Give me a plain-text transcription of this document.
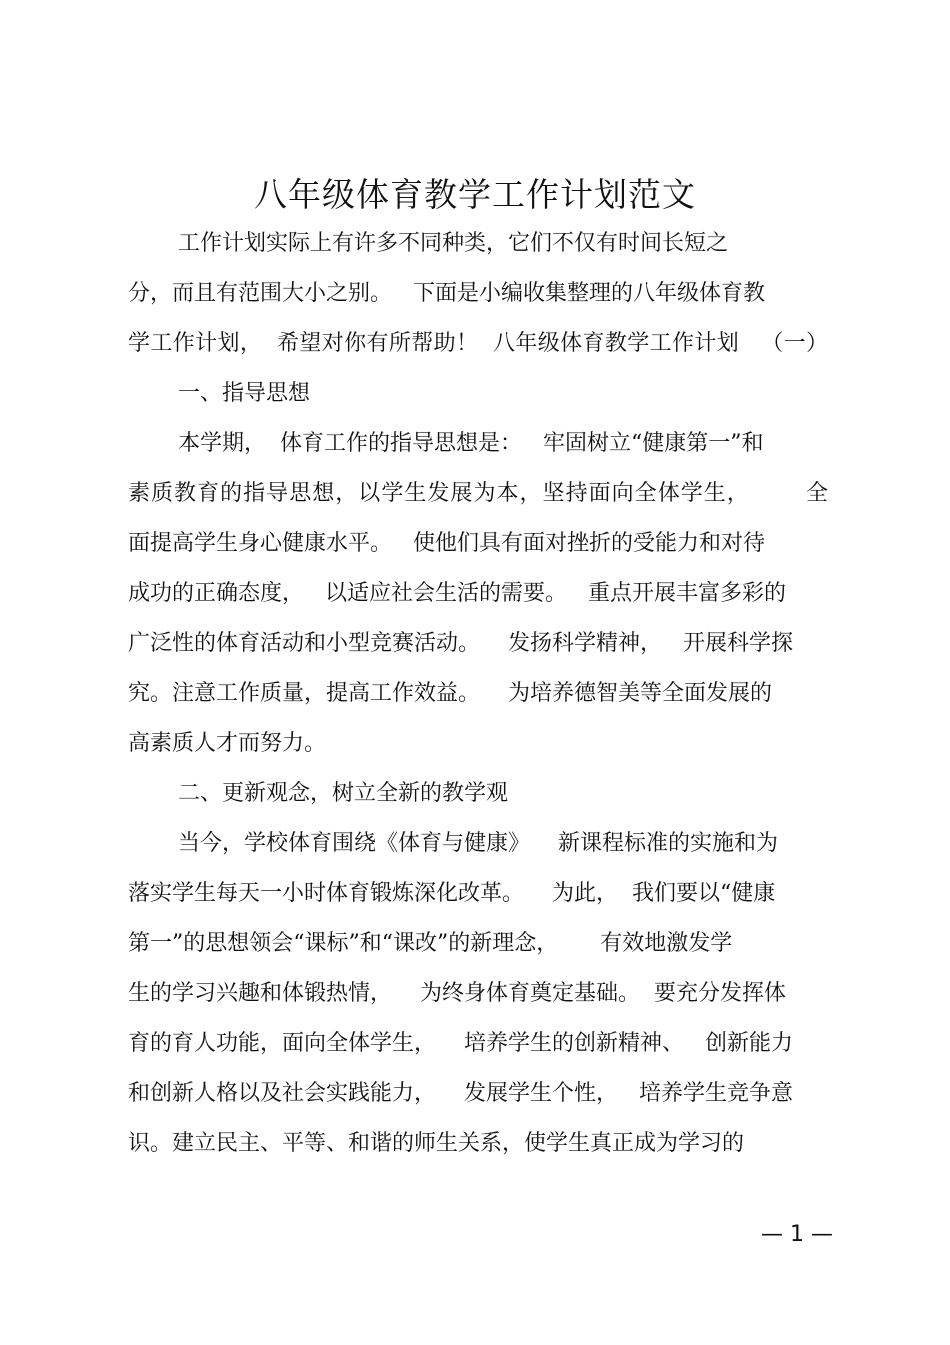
八年级体育教学工作计划范文
工作计划实际上有许多不同种类，它们不仅有时间长短之
分，而且有范围大小之别。   下面是小编收集整理的八年级体育教
学工作计划，  希望对你有所帮助！  八年级体育教学工作计划   （一）
一、指导思想
本学期，  体育工作的指导思想是：   牢固树立“健康第一”和
素质教育的指导思想，以学生发展为本，坚持面向全体学生，       全
面提高学生身心健康水平。   使他们具有面对挫折的受能力和对待
成功的正确态度，   以适应社会生活的需要。   重点开展丰富多彩的
广泛性的体育活动和小型竞赛活动。    发扬科学精神，   开展科学探
究。注意工作质量，提高工作效益。    为培养德智美等全面发展的
高素质人才而努力。
二、更新观念，树立全新的教学观
当今，学校体育围绕《体育与健康》    新课程标准的实施和为
落实学生每天一小时体育锻炼深化改革。    为此，  我们要以“健康
第一”的思想领会“课标”和“课改”的新理念，      有效地激发学
生的学习兴趣和体锻热情，    为终身体育奠定基础。  要充分发挥体
育的育人功能，面向全体学生，    培养学生的创新精神、   创新能力
和创新人格以及社会实践能力，    发展学生个性，   培养学生竞争意
识。建立民主、平等、和谐的师生关系，使学生真正成为学习的
— 1 —
